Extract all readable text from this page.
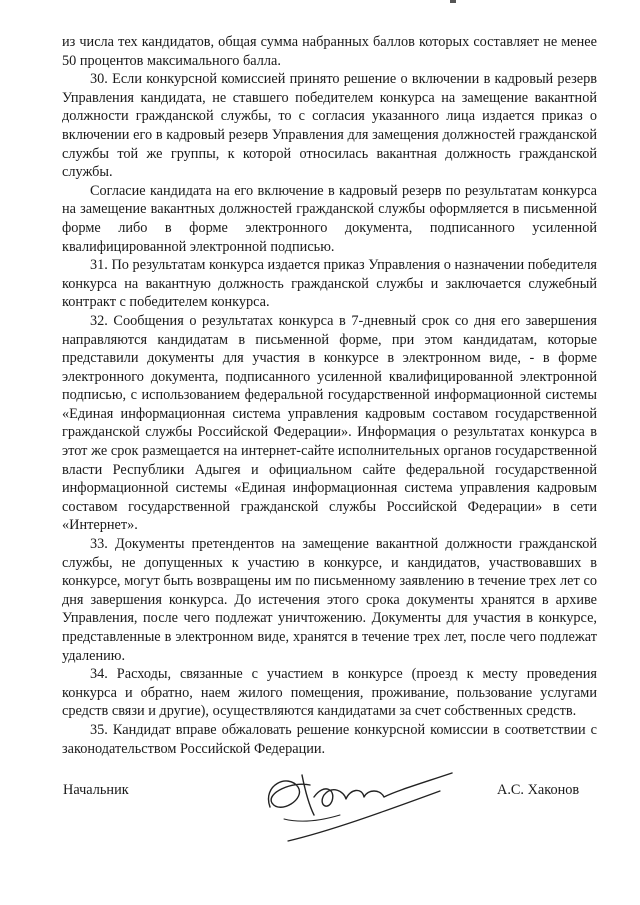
из числа тех кандидатов, общая сумма набранных баллов которых составляет не менее 50 процентов максимального балла.

30. Если конкурсной комиссией принято решение о включении в кадровый резерв Управления кандидата, не ставшего победителем конкурса на замещение вакантной должности гражданской службы, то с согласия указанного лица издается приказ о включении его в кадровый резерв Управления для замещения должностей гражданской службы той же группы, к которой относилась вакантная должность гражданской службы.

Согласие кандидата на его включение в кадровый резерв по результатам конкурса на замещение вакантных должностей гражданской службы оформляется в письменной форме либо в форме электронного документа, подписанного усиленной квалифицированной электронной подписью.

31. По результатам конкурса издается приказ Управления о назначении победителя конкурса на вакантную должность гражданской службы и заключается служебный контракт с победителем конкурса.

32. Сообщения о результатах конкурса в 7-дневный срок со дня его завершения направляются кандидатам в письменной форме, при этом кандидатам, которые представили документы для участия в конкурсе в электронном виде, - в форме электронного документа, подписанного усиленной квалифицированной электронной подписью, с использованием федеральной государственной информационной системы «Единая информационная система управления кадровым составом государственной гражданской службы Российской Федерации». Информация о результатах конкурса в этот же срок размещается на интернет-сайте исполнительных органов государственной власти Республики Адыгея и официальном сайте федеральной государственной информационной системы «Единая информационная система управления кадровым составом государственной гражданской службы Российской Федерации» в сети «Интернет».

33. Документы претендентов на замещение вакантной должности гражданской службы, не допущенных к участию в конкурсе, и кандидатов, участвовавших в конкурсе, могут быть возвращены им по письменному заявлению в течение трех лет со дня завершения конкурса. До истечения этого срока документы хранятся в архиве Управления, после чего подлежат уничтожению. Документы для участия в конкурсе, представленные в электронном виде, хранятся в течение трех лет, после чего подлежат удалению.

34. Расходы, связанные с участием в конкурсе (проезд к месту проведения конкурса и обратно, наем жилого помещения, проживание, пользование услугами средств связи и другие), осуществляются кандидатами за счет собственных средств.

35. Кандидат вправе обжаловать решение конкурсной комиссии в соответствии с законодательством Российской Федерации.

Начальник	А.С. Хаконов
